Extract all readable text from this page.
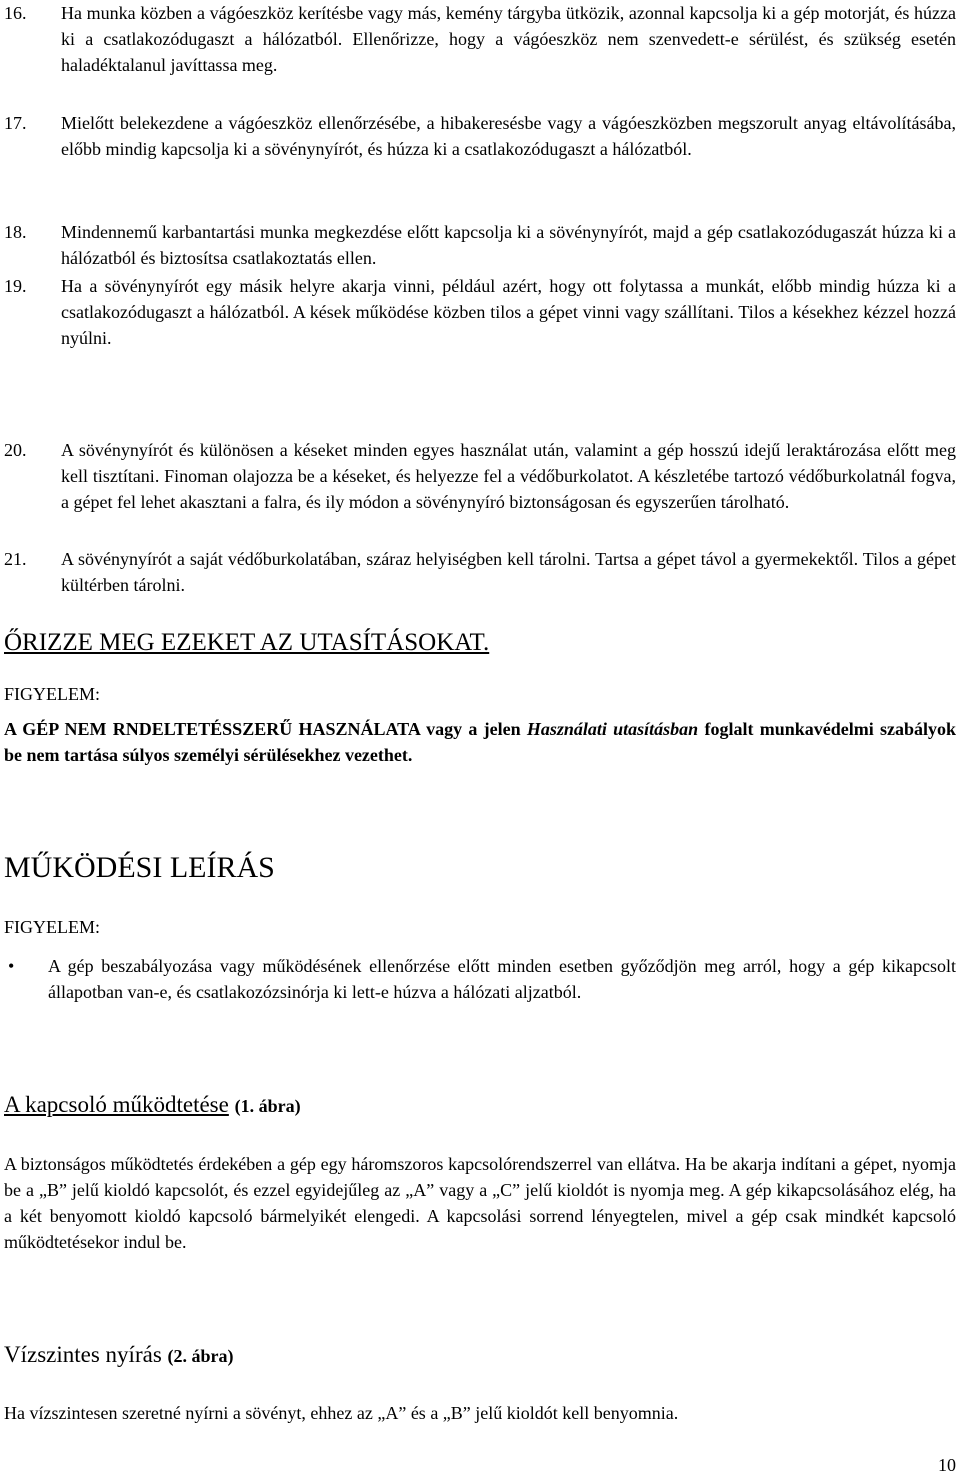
16.	Ha munka közben a vágóeszköz kerítésbe vagy más, kemény tárgyba ütközik, azonnal kapcsolja ki a gép motorját, és húzza ki a csatlakozódugaszt a hálózatból. Ellenőrizze, hogy a vágóeszköz nem szenvedett-e sérülést, és szükség esetén haladéktalanul javíttassa meg.
17.	Mielőtt belekezdene a vágóeszköz ellenőrzésébe, a hibakeresésbe vagy a vágóeszközben megszorult anyag eltávolításába, előbb mindig kapcsolja ki a sövénynyírót, és húzza ki a csatlakozódugaszt a hálózatból.
18.	Mindennemű karbantartási munka megkezdése előtt kapcsolja ki a sövénynyírót, majd a gép csatlakozódugaszát húzza ki a hálózatból és biztosítsa csatlakoztatás ellen.
19.	Ha a sövénynyírót egy másik helyre akarja vinni, például azért, hogy ott folytassa a munkát, előbb mindig húzza ki a csatlakozódugaszt a hálózatból. A kések működése közben tilos a gépet vinni vagy szállítani. Tilos a késekhez kézzel hozzá nyúlni.
20.	A sövénynyírót és különösen a késeket minden egyes használat után, valamint a gép hosszú idejű leraktározása előtt meg kell tisztítani. Finoman olajozza be a késeket, és helyezze fel a védőburkolatot. A készletébe tartozó védőburkolatnál fogva, a gépet fel lehet akasztani a falra, és ily módon a sövénynyíró biztonságosan és egyszerűen tárolható.
21.	A sövénynyírót a saját védőburkolatában, száraz helyiségben kell tárolni. Tartsa a gépet távol a gyermekektől. Tilos a gépet kültérben tárolni.
ŐRIZZE MEG EZEKET AZ UTASÍTÁSOKAT.
FIGYELEM:
A GÉP NEM RNDELTETÉSSZERŰ HASZNÁLATA vagy a jelen Használati utasításban foglalt munkavédelmi szabályok be nem tartása súlyos személyi sérülésekhez vezethet.
MŰKÖDÉSI LEÍRÁS
FIGYELEM:
•	A gép beszabályozása vagy működésének ellenőrzése előtt minden esetben győződjön meg arról, hogy a gép kikapcsolt állapotban van-e, és csatlakozózsinórja ki lett-e húzva a hálózati aljzatból.
A kapcsoló működtetése (1. ábra)
A biztonságos működtetés érdekében a gép egy háromszoros kapcsolórendszerrel van ellátva. Ha be akarja indítani a gépet, nyomja be a „B” jelű kioldó kapcsolót, és ezzel egyidejűleg az „A” vagy a „C” jelű kioldót is nyomja meg. A gép kikapcsolásához elég, ha a két benyomott kioldó kapcsoló bármelyikét elengedi. A kapcsolási sorrend lényegtelen, mivel a gép csak mindkét kapcsoló működtetésekor indul be.
Vízszintes nyírás (2. ábra)
Ha vízszintesen szeretné nyírni a sövényt, ehhez az „A” és a „B” jelű kioldót kell benyomnia.
10
